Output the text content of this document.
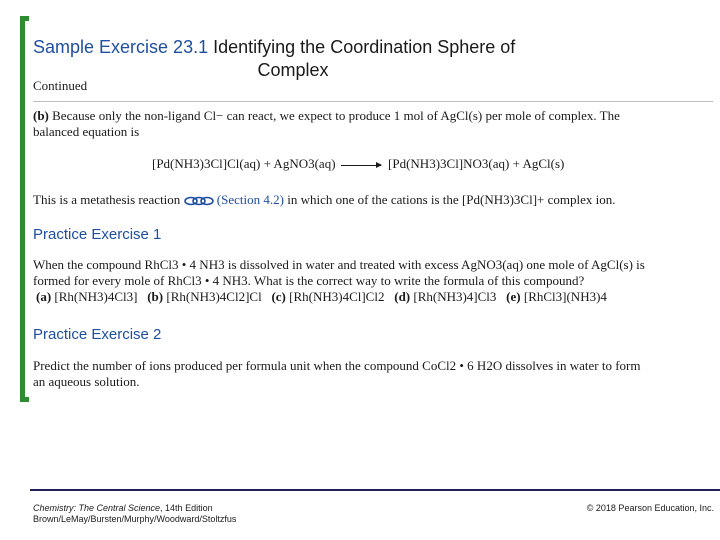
Sample Exercise 23.1 Identifying the Coordination Sphere of
Complex
Continued
(b) Because only the non-ligand Cl− can react, we expect to produce 1 mol of AgCl(s) per mole of complex. The
balanced equation is
[Pd(NH3)3Cl]Cl(aq) + AgNO3(aq) → [Pd(NH3)3Cl]NO3(aq) + AgCl(s)
This is a metathesis reaction	(Section 4.2) in which one of the cations is the [Pd(NH3)3Cl]+ complex ion.
Practice Exercise 1
When the compound RhCl3 • 4 NH3 is dissolved in water and treated with excess AgNO3(aq) one mole of AgCl(s) is
formed for every mole of RhCl3 • 4 NH3. What is the correct way to write the formula of this compound?
(a) [Rh(NH3)4Cl3] (b) [Rh(NH3)4Cl2]Cl (c) [Rh(NH3)4Cl]Cl2 (d) [Rh(NH3)4]Cl3 (e) [RhCl3](NH3)4
Practice Exercise 2
Predict the number of ions produced per formula unit when the compound CoCl2 • 6 H2O dissolves in water to form
an aqueous solution.
Chemistry: The Central Science, 14th Edition
Brown/LeMay/Bursten/Murphy/Woodward/Stoltzfus
© 2018 Pearson Education, Inc.
